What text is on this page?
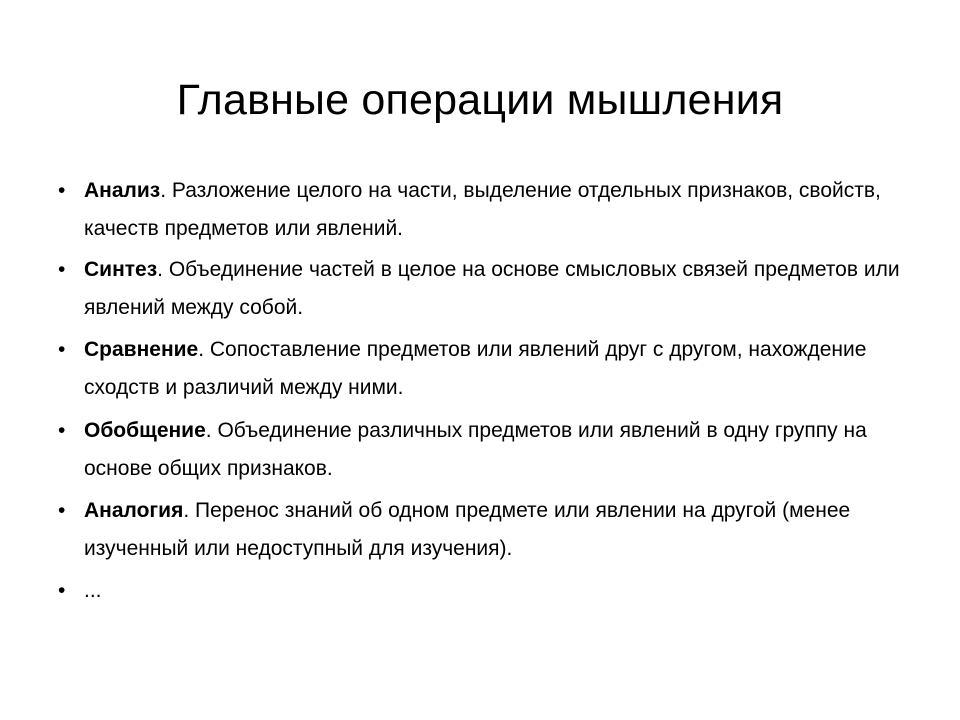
Главные операции мышления
• Анализ. Разложение целого на части, выделение отдельных признаков, свойств, качеств предметов или явлений.
• Синтез. Объединение частей в целое на основе смысловых связей предметов или явлений между собой.
• Сравнение. Сопоставление предметов или явлений друг с другом, нахождение сходств и различий между ними.
• Обобщение. Объединение различных предметов или явлений в одну группу на основе общих признаков.
• Аналогия. Перенос знаний об одном предмете или явлении на другой (менее изученный или недоступный для изучения).
• ...
